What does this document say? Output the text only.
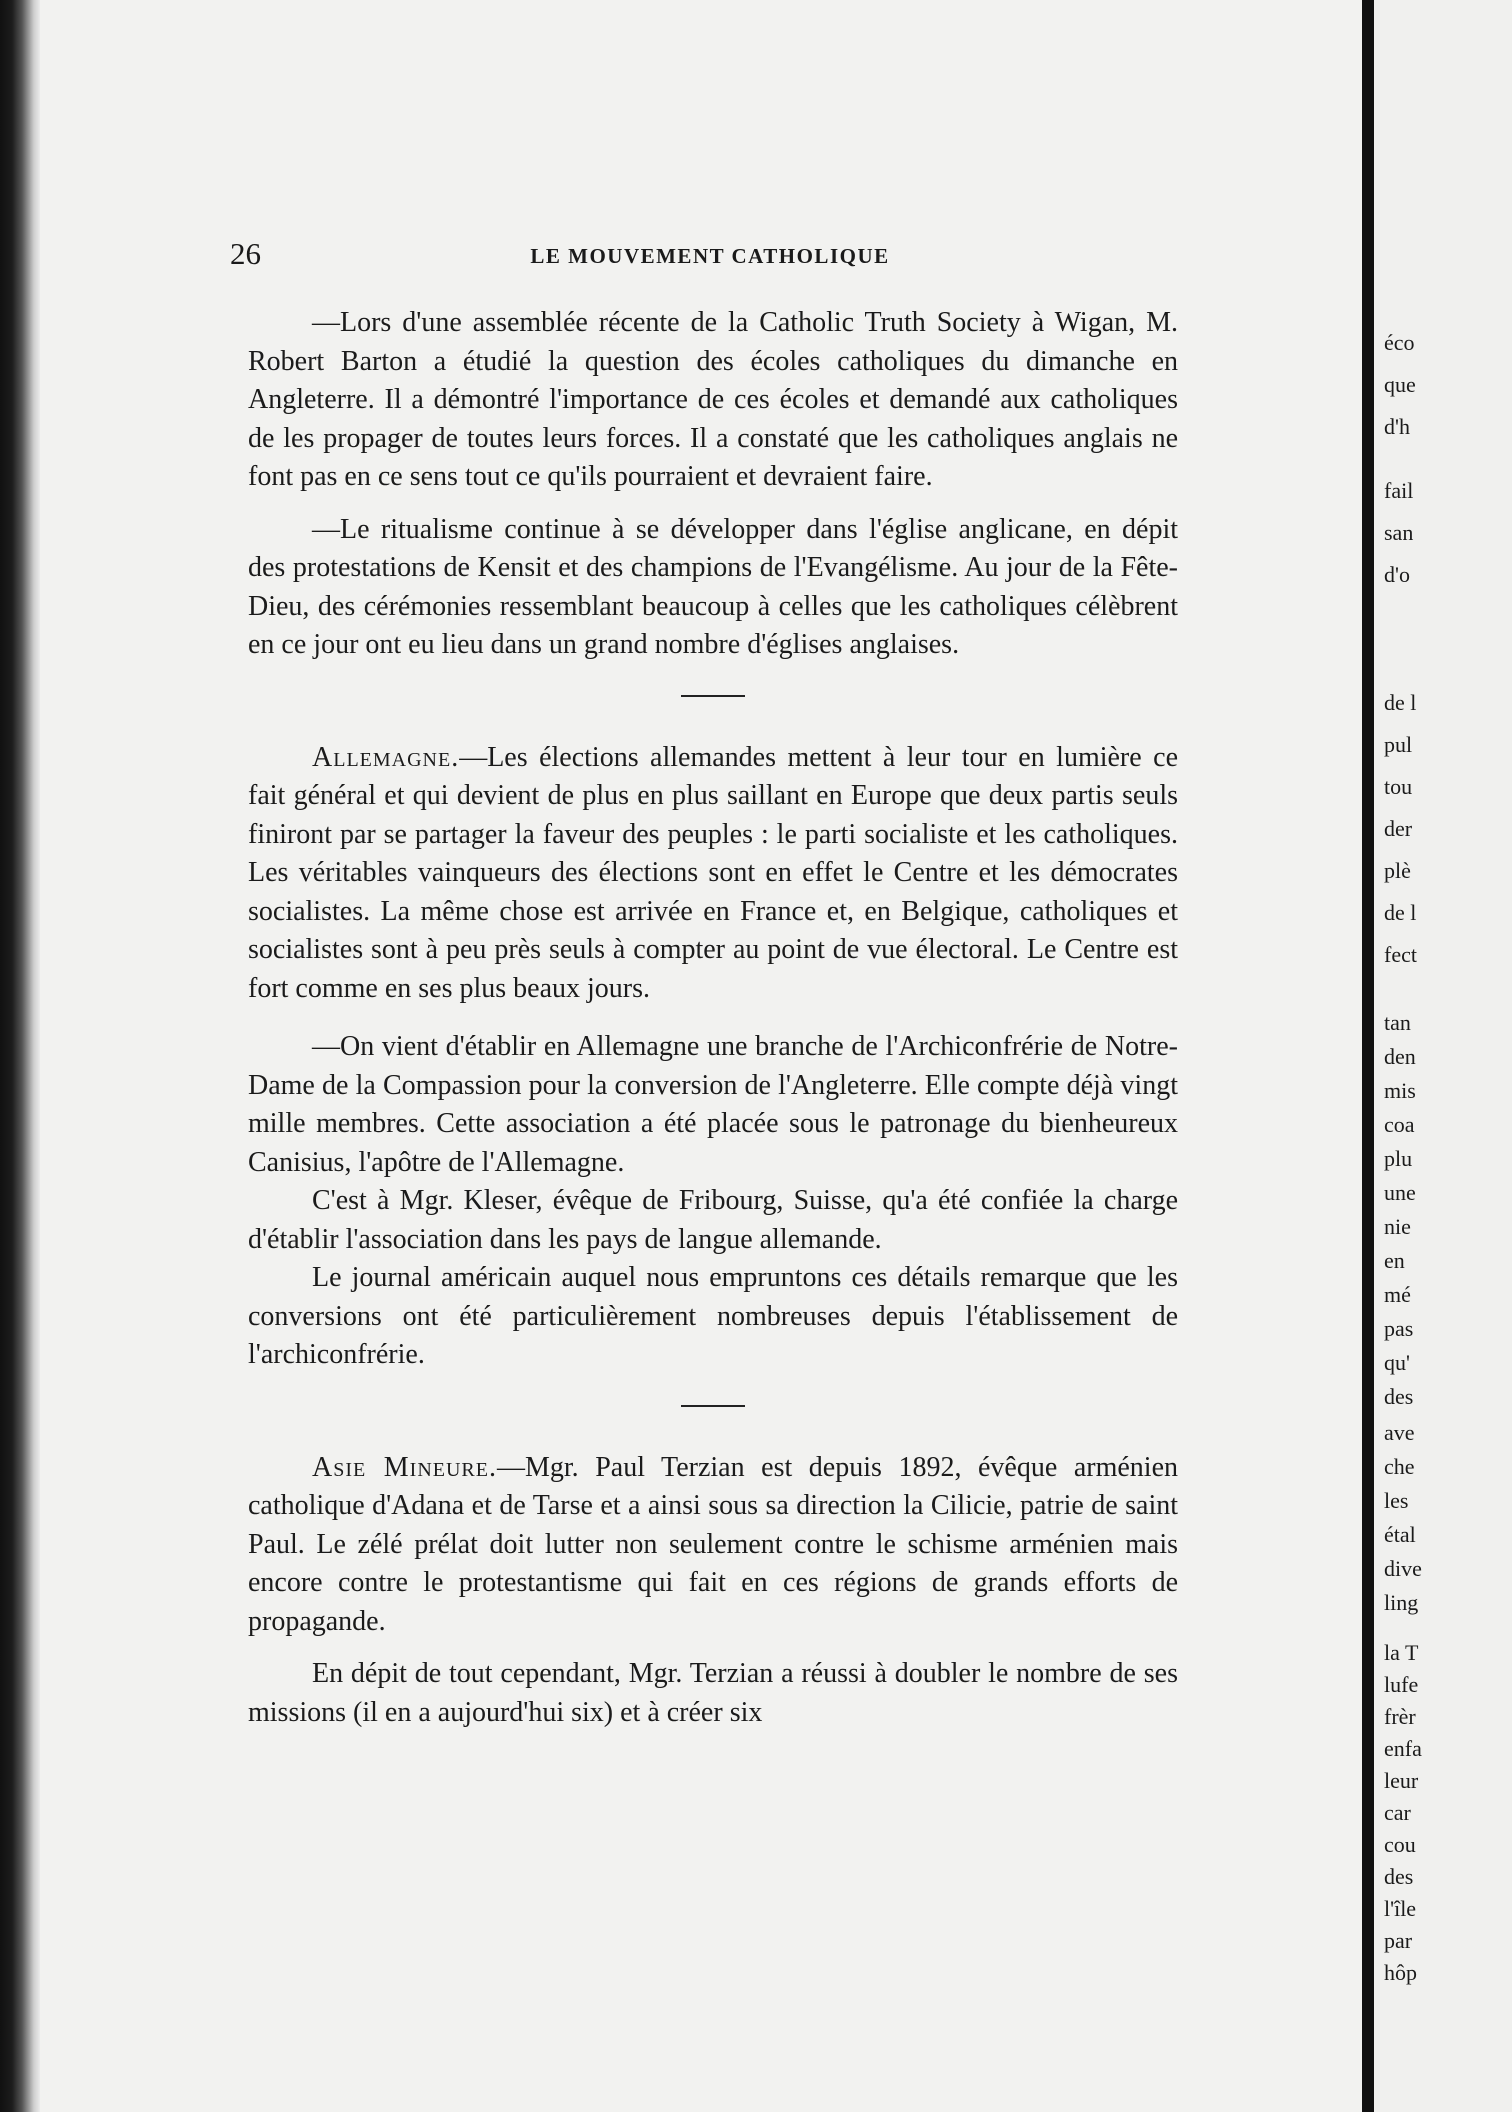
26	LE MOUVEMENT CATHOLIQUE

—Lors d'une assemblée récente de la Catholic Truth Society à Wigan, M. Robert Barton a étudié la question des écoles catholiques du dimanche en Angleterre. Il a démontré l'importance de ces écoles et demandé aux catholiques de les propager de toutes leurs forces. Il a constaté que les catholiques anglais ne font pas en ce sens tout ce qu'ils pourraient et devraient faire.

—Le ritualisme continue à se développer dans l'église anglicane, en dépit des protestations de Kensit et des champions de l'Evangélisme. Au jour de la Fête-Dieu, des cérémonies ressemblant beaucoup à celles que les catholiques célèbrent en ce jour ont eu lieu dans un grand nombre d'églises anglaises.

Allemagne.—Les élections allemandes mettent à leur tour en lumière ce fait général et qui devient de plus en plus saillant en Europe que deux partis seuls finiront par se partager la faveur des peuples : le parti socialiste et les catholiques. Les véritables vainqueurs des élections sont en effet le Centre et les démocrates socialistes. La même chose est arrivée en France et, en Belgique, catholiques et socialistes sont à peu près seuls à compter au point de vue électoral. Le Centre est fort comme en ses plus beaux jours.

—On vient d'établir en Allemagne une branche de l'Archiconfrérie de Notre-Dame de la Compassion pour la conversion de l'Angleterre. Elle compte déjà vingt mille membres. Cette association a été placée sous le patronage du bienheureux Canisius, l'apôtre de l'Allemagne.

C'est à Mgr. Kleser, évêque de Fribourg, Suisse, qu'a été confiée la charge d'établir l'association dans les pays de langue allemande.

Le journal américain auquel nous empruntons ces détails remarque que les conversions ont été particulièrement nombreuses depuis l'établissement de l'archiconfrérie.

Asie Mineure.—Mgr. Paul Terzian est depuis 1892, évêque arménien catholique d'Adana et de Tarse et a ainsi sous sa direction la Cilicie, patrie de saint Paul. Le zélé prélat doit lutter non seulement contre le schisme arménien mais encore contre le protestantisme qui fait en ces régions de grands efforts de propagande.

En dépit de tout cependant, Mgr. Terzian a réussi à doubler le nombre de ses missions (il en a aujourd'hui six) et à créer six

éco
que
d'h
fail
san
d'o
de l
pul
tou
der
plè
de l
fect
tan
den
mis
coa
plu
une
nie
en
mé
pas
qu'
des
ave
che
les
étal
dive
ling
la T
lufe
frèr
enfa
leur
car
cou
des
l'île
par
hôp
